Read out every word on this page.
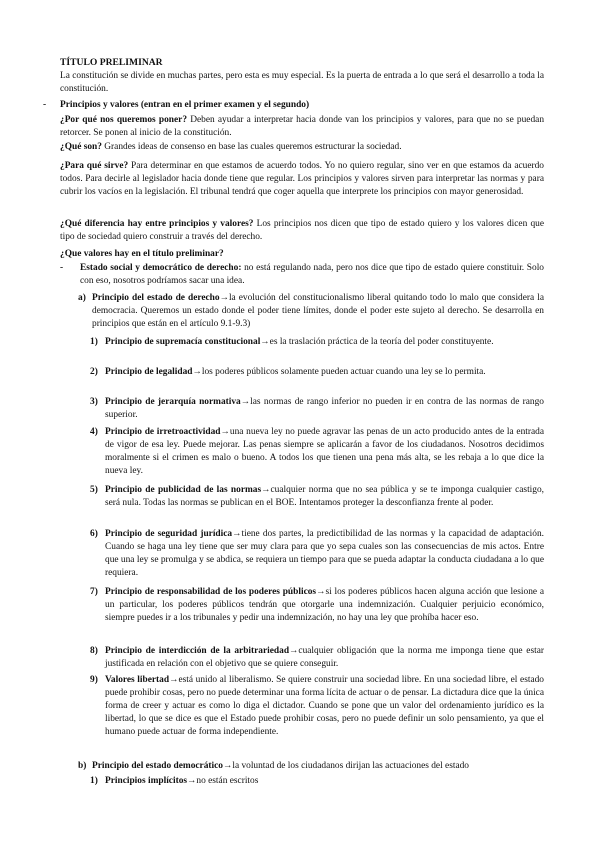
TÍTULO PRELIMINAR
La constitución se divide en muchas partes, pero esta es muy especial. Es la puerta de entrada a lo que será el desarrollo a toda la constitución.
- Principios y valores (entran en el primer examen y el segundo)
¿Por qué nos queremos poner? Deben ayudar a interpretar hacia donde van los principios y valores, para que no se puedan retorcer. Se ponen al inicio de la constitución.
¿Qué son? Grandes ideas de consenso en base las cuales queremos estructurar la sociedad.
¿Para qué sirve? Para determinar en que estamos de acuerdo todos. Yo no quiero regular, sino ver en que estamos da acuerdo todos. Para decirle al legislador hacia donde tiene que regular. Los principios y valores sirven para interpretar las normas y para cubrir los vacíos en la legislación. El tribunal tendrá que coger aquella que interprete los principios con mayor generosidad.
¿Qué diferencia hay entre principios y valores? Los principios nos dicen que tipo de estado quiero y los valores dicen que tipo de sociedad quiero construir a través del derecho.
¿Que valores hay en el título preliminar?
- Estado social y democrático de derecho: no está regulando nada, pero nos dice que tipo de estado quiere constituir. Solo con eso, nosotros podríamos sacar una idea.
a) Principio del estado de derecho→la evolución del constitucionalismo liberal quitando todo lo malo que considera la democracia. Queremos un estado donde el poder tiene límites, donde el poder este sujeto al derecho. Se desarrolla en principios que están en el artículo 9.1-9.3)
1) Principio de supremacía constitucional→es la traslación práctica de la teoría del poder constituyente.
2) Principio de legalidad→los poderes públicos solamente pueden actuar cuando una ley se lo permita.
3) Principio de jerarquía normativa→las normas de rango inferior no pueden ir en contra de las normas de rango superior.
4) Principio de irretroactividad→una nueva ley no puede agravar las penas de un acto producido antes de la entrada de vigor de esa ley. Puede mejorar. Las penas siempre se aplicarán a favor de los ciudadanos. Nosotros decidimos moralmente si el crimen es malo o bueno. A todos los que tienen una pena más alta, se les rebaja a lo que dice la nueva ley.
5) Principio de publicidad de las normas→cualquier norma que no sea pública y se te imponga cualquier castigo, será nula. Todas las normas se publican en el BOE. Intentamos proteger la desconfianza frente al poder.
6) Principio de seguridad jurídica→tiene dos partes, la predictibilidad de las normas y la capacidad de adaptación. Cuando se haga una ley tiene que ser muy clara para que yo sepa cuales son las consecuencias de mis actos. Entre que una ley se promulga y se abdica, se requiera un tiempo para que se pueda adaptar la conducta ciudadana a lo que requiera.
7) Principio de responsabilidad de los poderes públicos→si los poderes públicos hacen alguna acción que lesione a un particular, los poderes públicos tendrán que otorgarle una indemnización. Cualquier perjuicio económico, siempre puedes ir a los tribunales y pedir una indemnización, no hay una ley que prohíba hacer eso.
8) Principio de interdicción de la arbitrariedad→cualquier obligación que la norma me imponga tiene que estar justificada en relación con el objetivo que se quiere conseguir.
9) Valores libertad→está unido al liberalismo. Se quiere construir una sociedad libre. En una sociedad libre, el estado puede prohibir cosas, pero no puede determinar una forma lícita de actuar o de pensar. La dictadura dice que la única forma de creer y actuar es como lo diga el dictador. Cuando se pone que un valor del ordenamiento jurídico es la libertad, lo que se dice es que el Estado puede prohibir cosas, pero no puede definir un solo pensamiento, ya que el humano puede actuar de forma independiente.
b) Principio del estado democrático→la voluntad de los ciudadanos dirijan las actuaciones del estado
1) Principios implícitos→no están escritos
